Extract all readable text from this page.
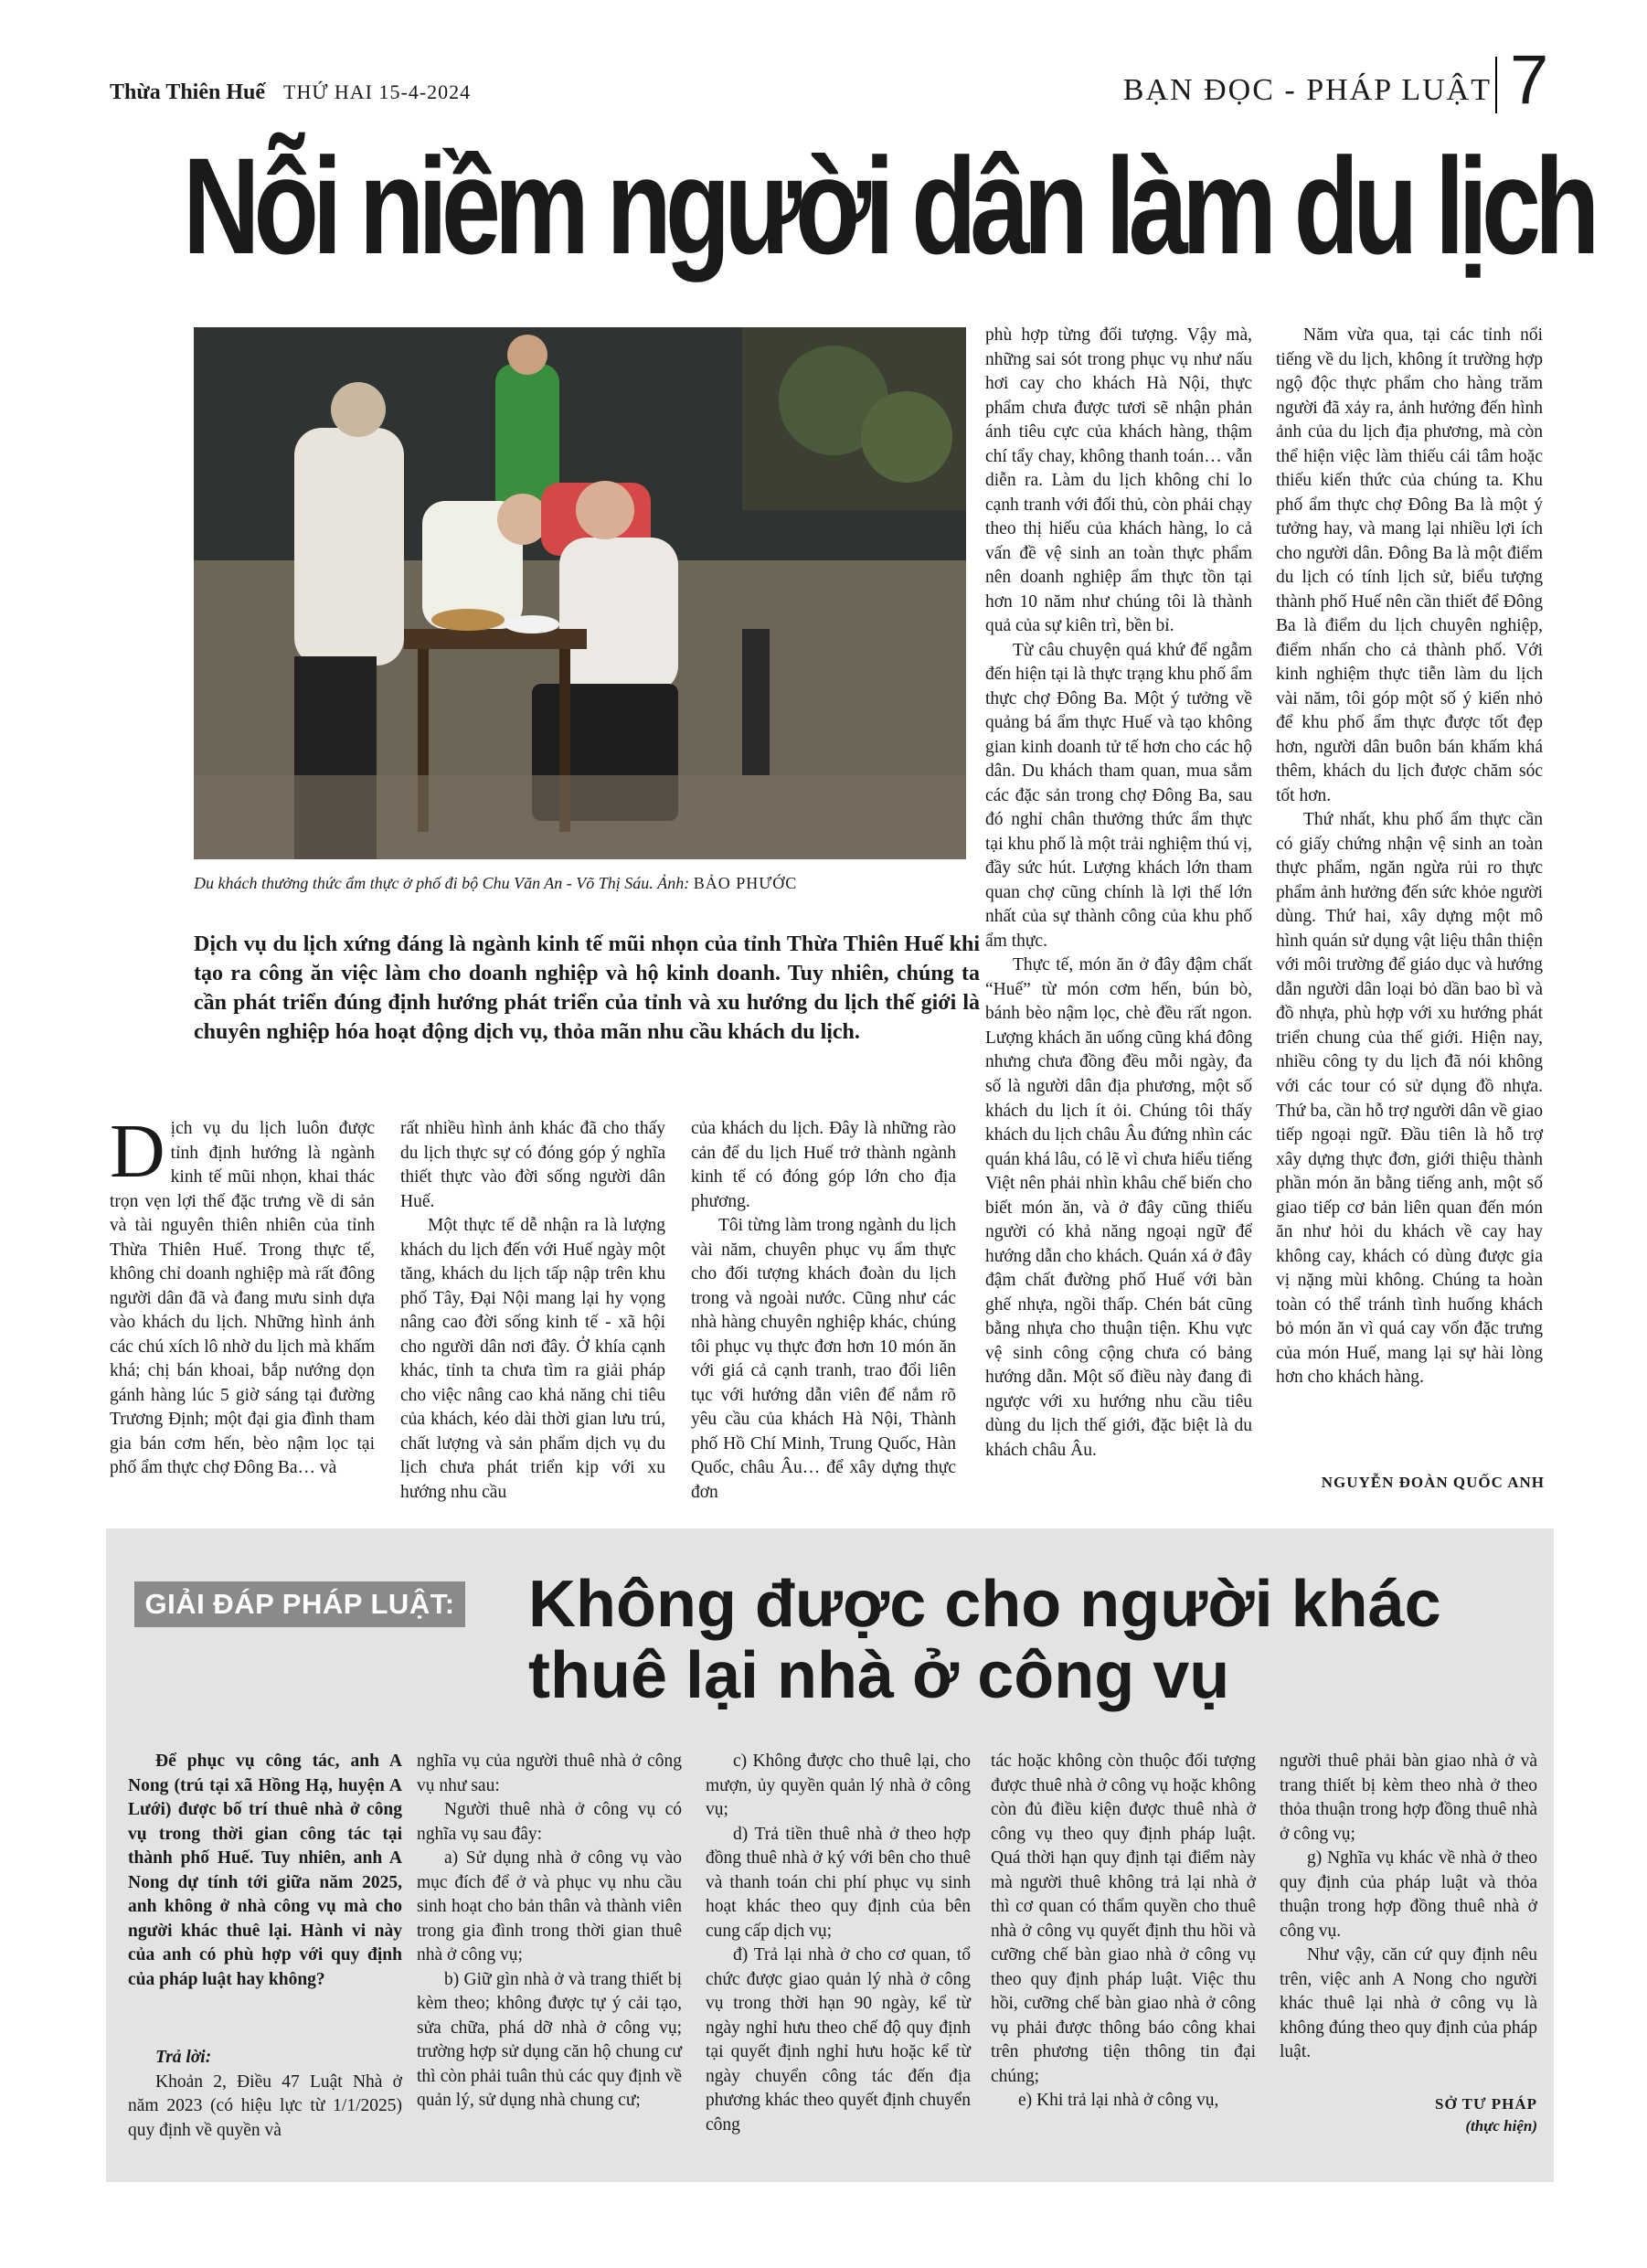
Thừa Thiên Huế THỨ HAI 15-4-2024	BẠN ĐỌC - PHÁP LUẬT 7
Nỗi niềm người dân làm du lịch
Du khách thưởng thức ẩm thực ở phố đi bộ Chu Văn An - Võ Thị Sáu. Ảnh: BẢO PHƯỚC
Dịch vụ du lịch xứng đáng là ngành kinh tế mũi nhọn của tỉnh Thừa Thiên Huế khi tạo ra công ăn việc làm cho doanh nghiệp và hộ kinh doanh. Tuy nhiên, chúng ta cần phát triển đúng định hướng phát triển của tỉnh và xu hướng du lịch thế giới là chuyên nghiệp hóa hoạt động dịch vụ, thỏa mãn nhu cầu khách du lịch.

Dịch vụ du lịch luôn được tỉnh định hướng là ngành kinh tế mũi nhọn, khai thác trọn vẹn lợi thế đặc trưng về di sản và tài nguyên thiên nhiên của tỉnh Thừa Thiên Huế. Trong thực tế, không chỉ doanh nghiệp mà rất đông người dân đã và đang mưu sinh dựa vào khách du lịch. Những hình ảnh các chú xích lô nhờ du lịch mà khấm khá; chị bán khoai, bắp nướng dọn gánh hàng lúc 5 giờ sáng tại đường Trương Định; một đại gia đình tham gia bán cơm hến, bèo nậm lọc tại phố ẩm thực chợ Đông Ba… và

rất nhiều hình ảnh khác đã cho thấy du lịch thực sự có đóng góp ý nghĩa thiết thực vào đời sống người dân Huế.

Một thực tế dễ nhận ra là lượng khách du lịch đến với Huế ngày một tăng, khách du lịch tấp nập trên khu phố Tây, Đại Nội mang lại hy vọng nâng cao đời sống kinh tế - xã hội cho người dân nơi đây. Ở khía cạnh khác, tỉnh ta chưa tìm ra giải pháp cho việc nâng cao khả năng chi tiêu của khách, kéo dài thời gian lưu trú, chất lượng và sản phẩm dịch vụ du lịch chưa phát triển kịp với xu hướng nhu cầu

của khách du lịch. Đây là những rào cản để du lịch Huế trở thành ngành kinh tế có đóng góp lớn cho địa phương.

Tôi từng làm trong ngành du lịch vài năm, chuyên phục vụ ẩm thực cho đối tượng khách đoàn du lịch trong và ngoài nước. Cũng như các nhà hàng chuyên nghiệp khác, chúng tôi phục vụ thực đơn hơn 10 món ăn với giá cả cạnh tranh, trao đổi liên tục với hướng dẫn viên để nắm rõ yêu cầu của khách Hà Nội, Thành phố Hồ Chí Minh, Trung Quốc, Hàn Quốc, châu Âu… để xây dựng thực đơn

phù hợp từng đối tượng. Vậy mà, những sai sót trong phục vụ như nấu hơi cay cho khách Hà Nội, thực phẩm chưa được tươi sẽ nhận phản ánh tiêu cực của khách hàng, thậm chí tẩy chay, không thanh toán… vẫn diễn ra. Làm du lịch không chỉ lo cạnh tranh với đối thủ, còn phải chạy theo thị hiếu của khách hàng, lo cả vấn đề vệ sinh an toàn thực phẩm nên doanh nghiệp ẩm thực tồn tại hơn 10 năm như chúng tôi là thành quả của sự kiên trì, bền bỉ.

Từ câu chuyện quá khứ để ngẫm đến hiện tại là thực trạng khu phố ẩm thực chợ Đông Ba. Một ý tưởng về quảng bá ẩm thực Huế và tạo không gian kinh doanh tử tế hơn cho các hộ dân. Du khách tham quan, mua sắm các đặc sản trong chợ Đông Ba, sau đó nghỉ chân thưởng thức ẩm thực tại khu phố là một trải nghiệm thú vị, đầy sức hút. Lượng khách lớn tham quan chợ cũng chính là lợi thế lớn nhất của sự thành công của khu phố ẩm thực.

Thực tế, món ăn ở đây đậm chất “Huế” từ món cơm hến, bún bò, bánh bèo nậm lọc, chè đều rất ngon. Lượng khách ăn uống cũng khá đông nhưng chưa đồng đều mỗi ngày, đa số là người dân địa phương, một số khách du lịch ít ỏi. Chúng tôi thấy khách du lịch châu Âu đứng nhìn các quán khá lâu, có lẽ vì chưa hiểu tiếng Việt nên phải nhìn khâu chế biến cho biết món ăn, và ở đây cũng thiếu người có khả năng ngoại ngữ để hướng dẫn cho khách. Quán xá ở đây đậm chất đường phố Huế với bàn ghế nhựa, ngồi thấp. Chén bát cũng bằng nhựa cho thuận tiện. Khu vực vệ sinh công cộng chưa có bảng hướng dẫn. Một số điều này đang đi ngược với xu hướng nhu cầu tiêu dùng du lịch thế giới, đặc biệt là du khách châu Âu.

Năm vừa qua, tại các tỉnh nổi tiếng về du lịch, không ít trường hợp ngộ độc thực phẩm cho hàng trăm người đã xảy ra, ảnh hưởng đến hình ảnh của du lịch địa phương, mà còn thể hiện việc làm thiếu cái tâm hoặc thiếu kiến thức của chúng ta. Khu phố ẩm thực chợ Đông Ba là một ý tưởng hay, và mang lại nhiều lợi ích cho người dân. Đông Ba là một điểm du lịch có tính lịch sử, biểu tượng thành phố Huế nên cần thiết để Đông Ba là điểm du lịch chuyên nghiệp, điểm nhấn cho cả thành phố. Với kinh nghiệm thực tiễn làm du lịch vài năm, tôi góp một số ý kiến nhỏ để khu phố ẩm thực được tốt đẹp hơn, người dân buôn bán khấm khá thêm, khách du lịch được chăm sóc tốt hơn.

Thứ nhất, khu phố ẩm thực cần có giấy chứng nhận vệ sinh an toàn thực phẩm, ngăn ngừa rủi ro thực phẩm ảnh hưởng đến sức khỏe người dùng. Thứ hai, xây dựng một mô hình quán sử dụng vật liệu thân thiện với môi trường để giáo dục và hướng dẫn người dân loại bỏ dần bao bì và đồ nhựa, phù hợp với xu hướng phát triển chung của thế giới. Hiện nay, nhiều công ty du lịch đã nói không với các tour có sử dụng đồ nhựa. Thứ ba, cần hỗ trợ người dân về giao tiếp ngoại ngữ. Đầu tiên là hỗ trợ xây dựng thực đơn, giới thiệu thành phần món ăn bằng tiếng anh, một số giao tiếp cơ bản liên quan đến món ăn như hỏi du khách về cay hay không cay, khách có dùng được gia vị nặng mùi không. Chúng ta hoàn toàn có thể tránh tình huống khách bỏ món ăn vì quá cay vốn đặc trưng của món Huế, mang lại sự hài lòng hơn cho khách hàng.

NGUYỄN ĐOÀN QUỐC ANH
GIẢI ĐÁP PHÁP LUẬT: Không được cho người khác
thuê lại nhà ở công vụ

Để phục vụ công tác, anh A Nong (trú tại xã Hồng Hạ, huyện A Lưới) được bố trí thuê nhà ở công vụ trong thời gian công tác tại thành phố Huế. Tuy nhiên, anh A Nong dự tính tới giữa năm 2025, anh không ở nhà công vụ mà cho người khác thuê lại. Hành vi này của anh có phù hợp với quy định của pháp luật hay không?

Trả lời:

Khoản 2, Điều 47 Luật Nhà ở năm 2023 (có hiệu lực từ 1/1/2025) quy định về quyền và

nghĩa vụ của người thuê nhà ở công vụ như sau:

Người thuê nhà ở công vụ có nghĩa vụ sau đây:

a) Sử dụng nhà ở công vụ vào mục đích để ở và phục vụ nhu cầu sinh hoạt cho bản thân và thành viên trong gia đình trong thời gian thuê nhà ở công vụ;

b) Giữ gìn nhà ở và trang thiết bị kèm theo; không được tự ý cải tạo, sửa chữa, phá dỡ nhà ở công vụ; trường hợp sử dụng căn hộ chung cư thì còn phải tuân thủ các quy định về quản lý, sử dụng nhà chung cư;

c) Không được cho thuê lại, cho mượn, ủy quyền quản lý nhà ở công vụ;

d) Trả tiền thuê nhà ở theo hợp đồng thuê nhà ở ký với bên cho thuê và thanh toán chi phí phục vụ sinh hoạt khác theo quy định của bên cung cấp dịch vụ;

đ) Trả lại nhà ở cho cơ quan, tổ chức được giao quản lý nhà ở công vụ trong thời hạn 90 ngày, kể từ ngày nghỉ hưu theo chế độ quy định tại quyết định nghỉ hưu hoặc kể từ ngày chuyển công tác đến địa phương khác theo quyết định chuyển công

tác hoặc không còn thuộc đối tượng được thuê nhà ở công vụ hoặc không còn đủ điều kiện được thuê nhà ở công vụ theo quy định pháp luật. Quá thời hạn quy định tại điểm này mà người thuê không trả lại nhà ở thì cơ quan có thẩm quyền cho thuê nhà ở công vụ quyết định thu hồi và cưỡng chế bàn giao nhà ở công vụ theo quy định pháp luật. Việc thu hồi, cưỡng chế bàn giao nhà ở công vụ phải được thông báo công khai trên phương tiện thông tin đại chúng;

e) Khi trả lại nhà ở công vụ,

người thuê phải bàn giao nhà ở và trang thiết bị kèm theo nhà ở theo thỏa thuận trong hợp đồng thuê nhà ở công vụ;

g) Nghĩa vụ khác về nhà ở theo quy định của pháp luật và thỏa thuận trong hợp đồng thuê nhà ở công vụ.

Như vậy, căn cứ quy định nêu trên, việc anh A Nong cho người khác thuê lại nhà ở công vụ là không đúng theo quy định của pháp luật.

SỞ TƯ PHÁP
(thực hiện)
